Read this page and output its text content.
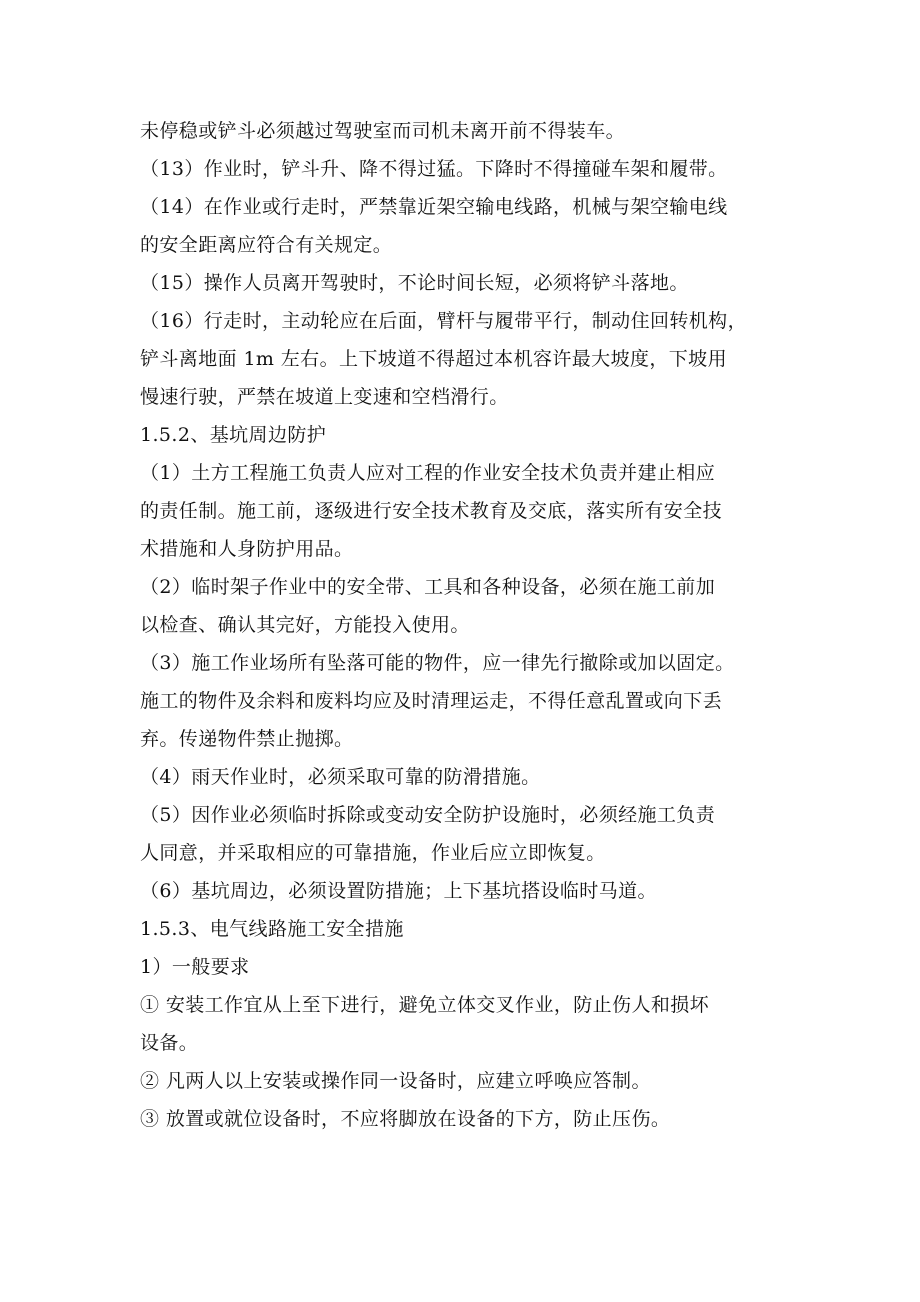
未停稳或铲斗必须越过驾驶室而司机未离开前不得装车。
（13）作业时，铲斗升、降不得过猛。下降时不得撞碰车架和履带。
（14）在作业或行走时，严禁靠近架空输电线路，机械与架空输电线
的安全距离应符合有关规定。
（15）操作人员离开驾驶时，不论时间长短，必须将铲斗落地。
（16）行走时，主动轮应在后面，臂杆与履带平行，制动住回转机构，
铲斗离地面 1m 左右。上下坡道不得超过本机容许最大坡度，下坡用
慢速行驶，严禁在坡道上变速和空档滑行。
1.5.2、基坑周边防护
（1）土方工程施工负责人应对工程的作业安全技术负责并建止相应
的责任制。施工前，逐级进行安全技术教育及交底，落实所有安全技
术措施和人身防护用品。
（2）临时架子作业中的安全带、工具和各种设备，必须在施工前加
以检查、确认其完好，方能投入使用。
（3）施工作业场所有坠落可能的物件，应一律先行撤除或加以固定。
施工的物件及余料和废料均应及时清理运走，不得任意乱置或向下丢
弃。传递物件禁止抛掷。
（4）雨天作业时，必须采取可靠的防滑措施。
（5）因作业必须临时拆除或变动安全防护设施时，必须经施工负责
人同意，并采取相应的可靠措施，作业后应立即恢复。
（6）基坑周边，必须设置防措施；上下基坑搭设临时马道。
1.5.3、电气线路施工安全措施
1）一般要求
① 安装工作宜从上至下进行，避免立体交叉作业，防止伤人和损坏
设备。
② 凡两人以上安装或操作同一设备时，应建立呼唤应答制。
③ 放置或就位设备时，不应将脚放在设备的下方，防止压伤。
